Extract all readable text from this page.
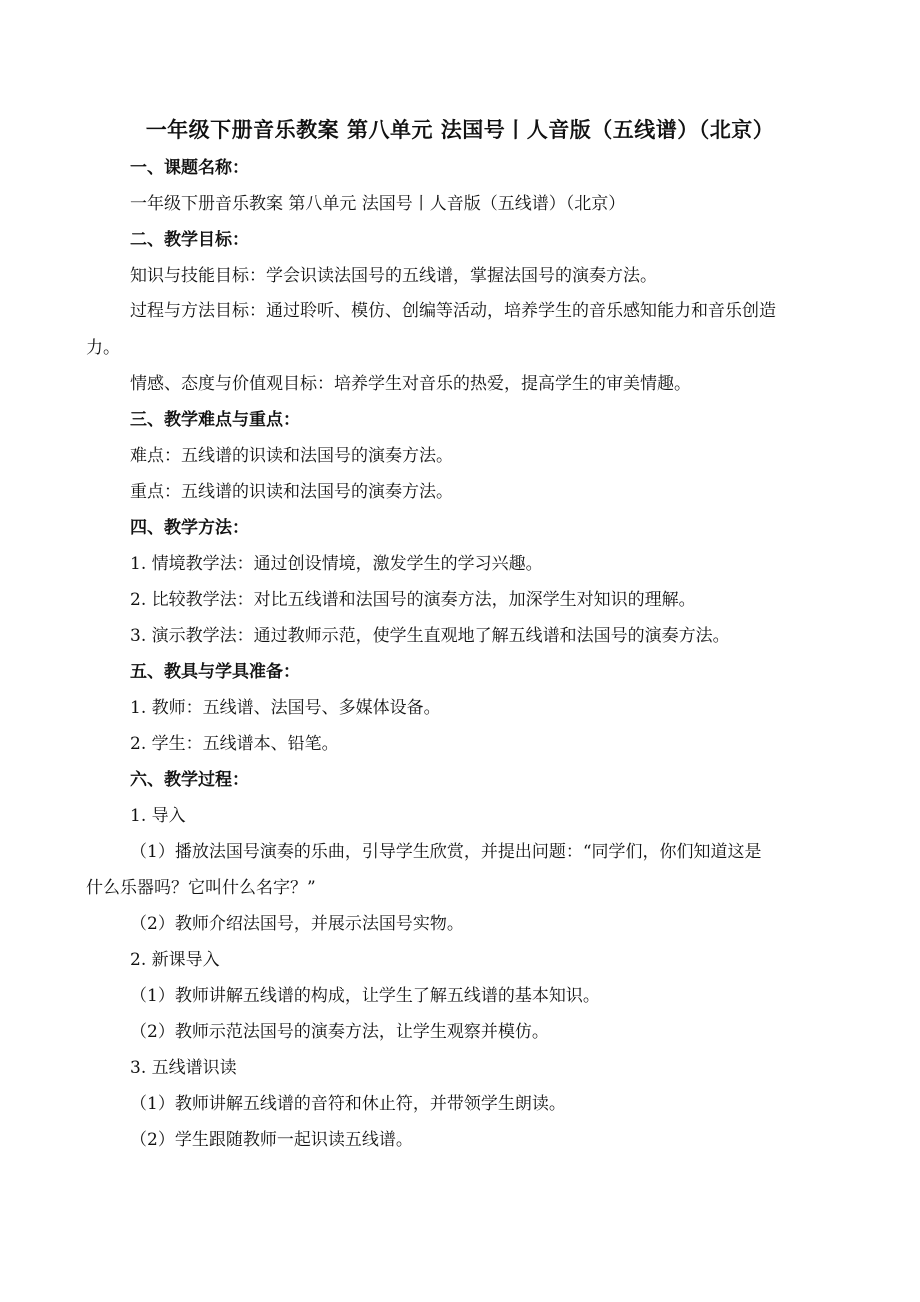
一年级下册音乐教案 第八单元 法国号丨人音版（五线谱）（北京）
一、课题名称：
一年级下册音乐教案 第八单元 法国号丨人音版（五线谱）（北京）
二、教学目标：
知识与技能目标：学会识读法国号的五线谱，掌握法国号的演奏方法。
过程与方法目标：通过聆听、模仿、创编等活动，培养学生的音乐感知能力和音乐创造
力。
情感、态度与价值观目标：培养学生对音乐的热爱，提高学生的审美情趣。
三、教学难点与重点：
难点：五线谱的识读和法国号的演奏方法。
重点：五线谱的识读和法国号的演奏方法。
四、教学方法：
1. 情境教学法：通过创设情境，激发学生的学习兴趣。
2. 比较教学法：对比五线谱和法国号的演奏方法，加深学生对知识的理解。
3. 演示教学法：通过教师示范，使学生直观地了解五线谱和法国号的演奏方法。
五、教具与学具准备：
1. 教师：五线谱、法国号、多媒体设备。
2. 学生：五线谱本、铅笔。
六、教学过程：
1. 导入
（1）播放法国号演奏的乐曲，引导学生欣赏，并提出问题：“同学们，你们知道这是
什么乐器吗？它叫什么名字？”
（2）教师介绍法国号，并展示法国号实物。
2. 新课导入
（1）教师讲解五线谱的构成，让学生了解五线谱的基本知识。
（2）教师示范法国号的演奏方法，让学生观察并模仿。
3. 五线谱识读
（1）教师讲解五线谱的音符和休止符，并带领学生朗读。
（2）学生跟随教师一起识读五线谱。
